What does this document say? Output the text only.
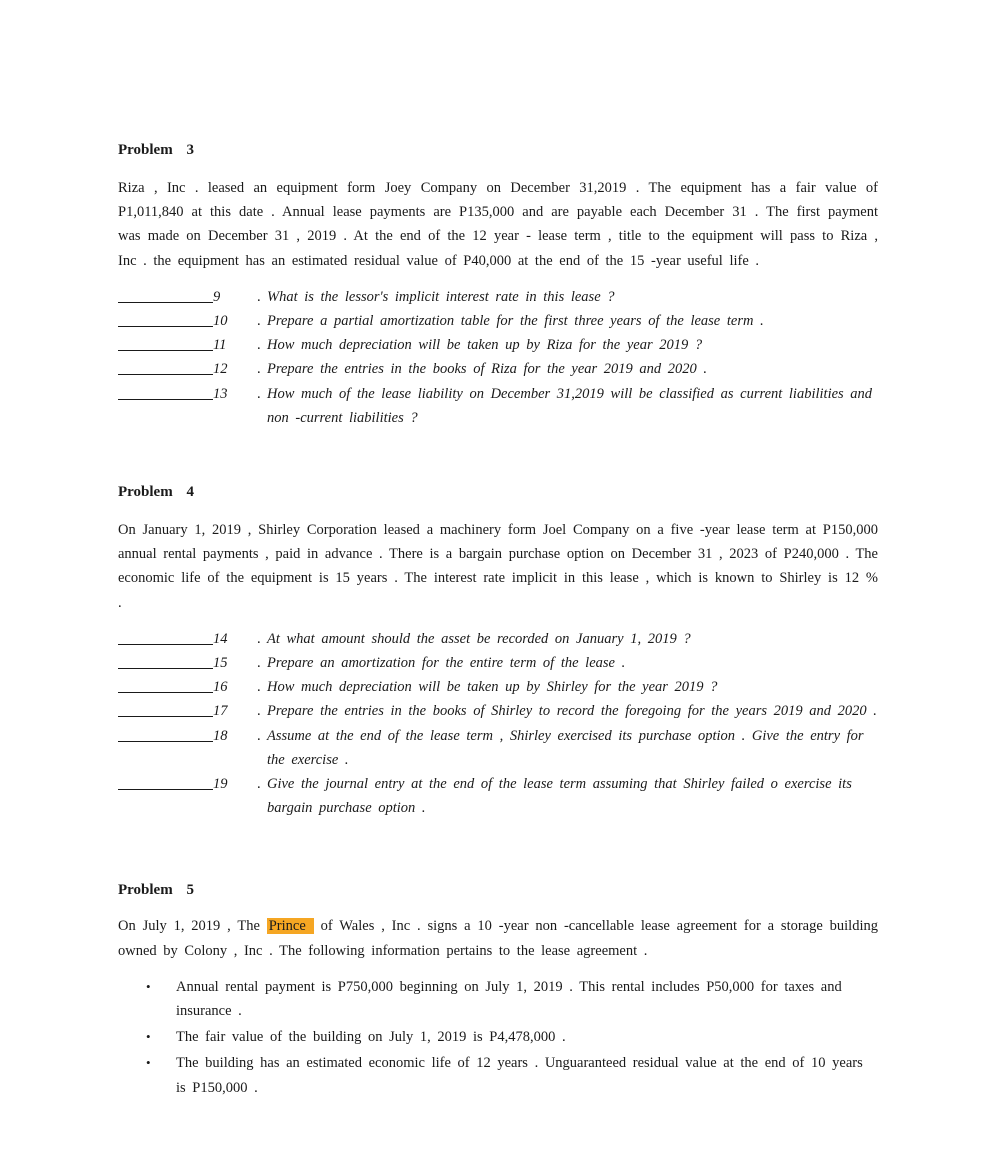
Problem 3

Riza , Inc . leased an equipment form Joey Company on December 31,2019 . The equipment has a fair value of P1,011,840 at this date . Annual lease payments are P135,000 and are payable each December 31 . The first payment was made on December 31 , 2019 . At the end of the 12 year - lease term , title to the equipment will pass to Riza , Inc . the equipment has an estimated residual value of P40,000 at the end of the 15 -year useful life .

9	. What is the lessor's implicit interest rate in this lease ?
10	. Prepare a partial amortization table for the first three years of the lease term .
11	. How much depreciation will be taken up by Riza for the year 2019 ?
12	. Prepare the entries in the books of Riza for the year 2019 and 2020 .
13	. How much of the lease liability on December 31,2019 will be classified as current liabilities and non -current liabilities ?
Problem 4

On January 1, 2019 , Shirley Corporation leased a machinery form Joel Company on a five -year lease term at P150,000 annual rental payments , paid in advance . There is a bargain purchase option on December 31 , 2023 of P240,000 . The economic life of the equipment is 15 years . The interest rate implicit in this lease , which is known to Shirley is 12 % .

14	. At what amount should the asset be recorded on January 1, 2019 ?
15	. Prepare an amortization for the entire term of the lease .
16	. How much depreciation will be taken up by Shirley for the year 2019 ?
17	. Prepare the entries in the books of Shirley to record the foregoing for the years 2019 and 2020 .
18	. Assume at the end of the lease term , Shirley exercised its purchase option . Give the entry for the exercise .
19	. Give the journal entry at the end of the lease term assuming that Shirley failed o exercise its bargain purchase option .
Problem 5

On July 1, 2019 , The Prince of Wales , Inc . signs a 10 -year non -cancellable lease agreement for a storage building owned by Colony , Inc . The following information pertains to the lease agreement .

•	Annual rental payment is P750,000 beginning on July 1, 2019 . This rental includes P50,000 for taxes and insurance .
•	The fair value of the building on July 1, 2019 is P4,478,000 .
•	The building has an estimated economic life of 12 years . Unguaranteed residual value at the end of 10 years is P150,000 .
